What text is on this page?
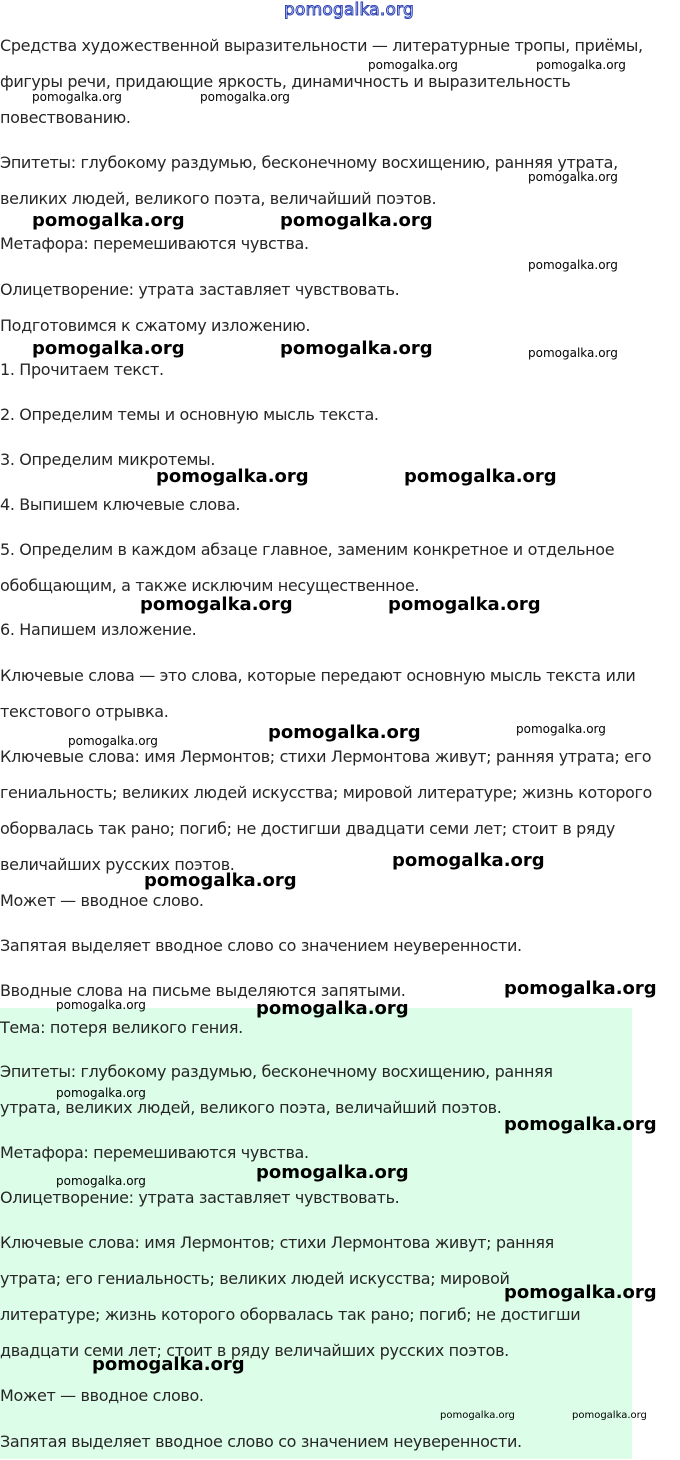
pomogalka.org
Средства художественной выразительности — литературные тропы, приёмы,
фигуры речи, придающие яркость, динамичность и выразительность
повествованию.
Эпитеты: глубокому раздумью, бесконечному восхищению, ранняя утрата,
великих людей, великого поэта, величайший поэтов.
Метафора: перемешиваются чувства.
Олицетворение: утрата заставляет чувствовать.
Подготовимся к сжатому изложению.
1. Прочитаем текст.
2. Определим темы и основную мысль текста.
3. Определим микротемы.
4. Выпишем ключевые слова.
5. Определим в каждом абзаце главное, заменим конкретное и отдельное
обобщающим, а также исключим несущественное.
6. Напишем изложение.
Ключевые слова — это слова, которые передают основную мысль текста или
текстового отрывка.
Ключевые слова: имя Лермонтов; стихи Лермонтова живут; ранняя утрата; его
гениальность; великих людей искусства; мировой литературе; жизнь которого
оборвалась так рано; погиб; не достигши двадцати семи лет; стоит в ряду
величайших русских поэтов.
Может — вводное слово.
Запятая выделяет вводное слово со значением неуверенности.
Вводные слова на письме выделяются запятыми.
Тема: потеря великого гения.
Эпитеты: глубокому раздумью, бесконечному восхищению, ранняя
утрата, великих людей, великого поэта, величайший поэтов.
Метафора: перемешиваются чувства.
Олицетворение: утрата заставляет чувствовать.
Ключевые слова: имя Лермонтов; стихи Лермонтова живут; ранняя
утрата; его гениальность; великих людей искусства; мировой
литературе; жизнь которого оборвалась так рано; погиб; не достигши
двадцати семи лет; стоит в ряду величайших русских поэтов.
Может — вводное слово.
Запятая выделяет вводное слово со значением неуверенности.
pomogalka.org	pomogalka.org
pomogalka.org	pomogalka.org
pomogalka.org
pomogalka.org	pomogalka.org
pomogalka.org
pomogalka.org	pomogalka.org	pomogalka.org
pomogalka.org	pomogalka.org
pomogalka.org	pomogalka.org
pomogalka.org	pomogalka.org
pomogalka.org
pomogalka.org
pomogalka.org
pomogalka.org
pomogalka.org	pomogalka.org
pomogalka.org
pomogalka.org
pomogalka.org
pomogalka.org
pomogalka.org
pomogalka.org
pomogalka.org	pomogalka.org
